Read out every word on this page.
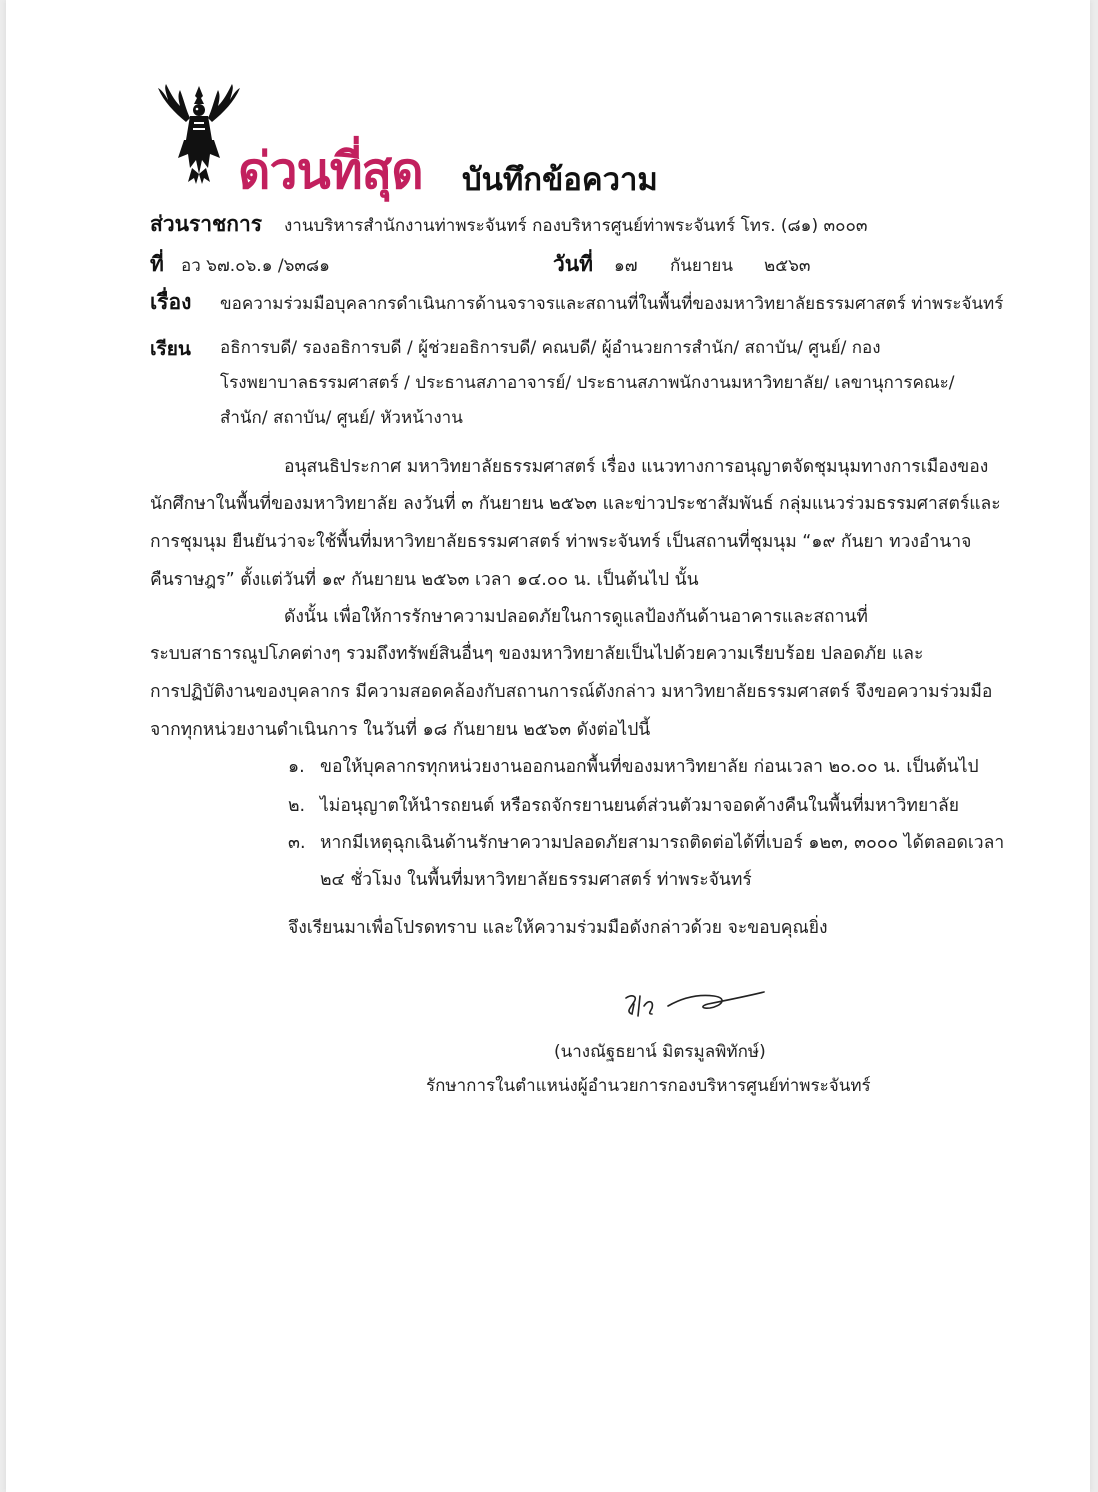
ด่วนที่สุด บันทึกข้อความ
ส่วนราชการ งานบริหารสำนักงานท่าพระจันทร์ กองบริหารศูนย์ท่าพระจันทร์ โทร. (๘๑) ๓๐๐๓
ที่ อว ๖๗.๐๖.๑ /๖๓๘๑	วันที่ ๑๗ กันยายน ๒๕๖๓
เรื่อง ขอความร่วมมือบุคลากรดำเนินการด้านจราจรและสถานที่ในพื้นที่ของมหาวิทยาลัยธรรมศาสตร์ ท่าพระจันทร์
เรียน อธิการบดี/ รองอธิการบดี / ผู้ช่วยอธิการบดี/ คณบดี/ ผู้อำนวยการสำนัก/ สถาบัน/ ศูนย์/ กอง
โรงพยาบาลธรรมศาสตร์ / ประธานสภาอาจารย์/ ประธานสภาพนักงานมหาวิทยาลัย/ เลขานุการคณะ/
สำนัก/ สถาบัน/ ศูนย์/ หัวหน้างาน
อนุสนธิประกาศ มหาวิทยาลัยธรรมศาสตร์ เรื่อง แนวทางการอนุญาตจัดชุมนุมทางการเมืองของ
นักศึกษาในพื้นที่ของมหาวิทยาลัย ลงวันที่ ๓ กันยายน ๒๕๖๓ และข่าวประชาสัมพันธ์ กลุ่มแนวร่วมธรรมศาสตร์และ
การชุมนุม ยืนยันว่าจะใช้พื้นที่มหาวิทยาลัยธรรมศาสตร์ ท่าพระจันทร์ เป็นสถานที่ชุมนุม “๑๙ กันยา ทวงอำนาจ
คืนราษฎร” ตั้งแต่วันที่ ๑๙ กันยายน ๒๕๖๓ เวลา ๑๔.๐๐ น. เป็นต้นไป นั้น
ดังนั้น เพื่อให้การรักษาความปลอดภัยในการดูแลป้องกันด้านอาคารและสถานที่
ระบบสาธารณูปโภคต่างๆ รวมถึงทรัพย์สินอื่นๆ ของมหาวิทยาลัยเป็นไปด้วยความเรียบร้อย ปลอดภัย และ
การปฏิบัติงานของบุคลากร มีความสอดคล้องกับสถานการณ์ดังกล่าว มหาวิทยาลัยธรรมศาสตร์ จึงขอความร่วมมือ
จากทุกหน่วยงานดำเนินการ ในวันที่ ๑๘ กันยายน ๒๕๖๓ ดังต่อไปนี้
๑. ขอให้บุคลากรทุกหน่วยงานออกนอกพื้นที่ของมหาวิทยาลัย ก่อนเวลา ๒๐.๐๐ น. เป็นต้นไป
๒. ไม่อนุญาตให้นำรถยนต์ หรือรถจักรยานยนต์ส่วนตัวมาจอดค้างคืนในพื้นที่มหาวิทยาลัย
๓. หากมีเหตุฉุกเฉินด้านรักษาความปลอดภัยสามารถติดต่อได้ที่เบอร์ ๑๒๓, ๓๐๐๐ ได้ตลอดเวลา
๒๔ ชั่วโมง ในพื้นที่มหาวิทยาลัยธรรมศาสตร์ ท่าพระจันทร์
จึงเรียนมาเพื่อโปรดทราบ และให้ความร่วมมือดังกล่าวด้วย จะขอบคุณยิ่ง
(นางณัฐธยาน์ มิตรมูลพิทักษ์)
รักษาการในตำแหน่งผู้อำนวยการกองบริหารศูนย์ท่าพระจันทร์
